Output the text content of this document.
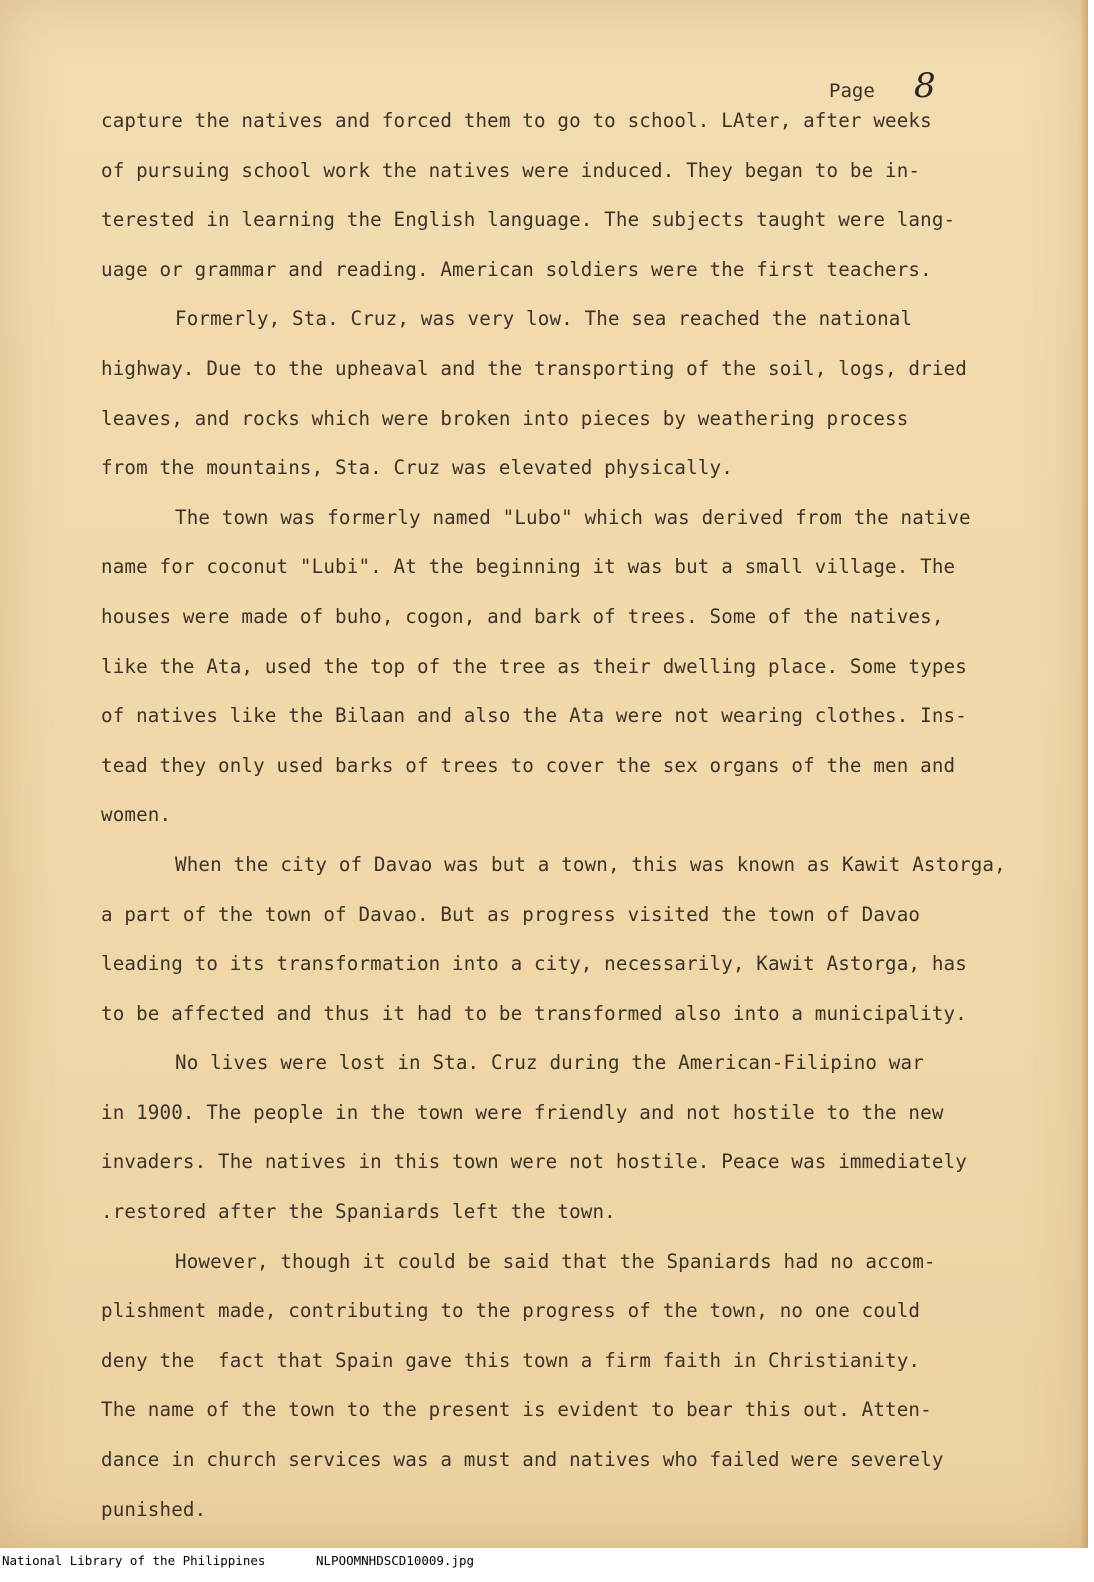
Page 8
capture the natives and forced them to go to school. LAter, after weeks
of pursuing school work the natives were induced. They began to be in-
terested in learning the English language. The subjects taught were lang-
uage or grammar and reading. American soldiers were the first teachers.
Formerly, Sta. Cruz, was very low. The sea reached the national
highway. Due to the upheaval and the transporting of the soil, logs, dried
leaves, and rocks which were broken into pieces by weathering process
from the mountains, Sta. Cruz was elevated physically.
The town was formerly named "Lubo" which was derived from the native
name for coconut "Lubi". At the beginning it was but a small village. The
houses were made of buho, cogon, and bark of trees. Some of the natives,
like the Ata, used the top of the tree as their dwelling place. Some types
of natives like the Bilaan and also the Ata were not wearing clothes. Ins-
tead they only used barks of trees to cover the sex organs of the men and
women.
When the city of Davao was but a town, this was known as Kawit Astorga,
a part of the town of Davao. But as progress visited the town of Davao
leading to its transformation into a city, necessarily, Kawit Astorga, has
to be affected and thus it had to be transformed also into a municipality.
No lives were lost in Sta. Cruz during the American-Filipino war
in 1900. The people in the town were friendly and not hostile to the new
invaders. The natives in this town were not hostile. Peace was immediately
.restored after the Spaniards left the town.
However, though it could be said that the Spaniards had no accom-
plishment made, contributing to the progress of the town, no one could
deny the  fact that Spain gave this town a firm faith in Christianity.
The name of the town to the present is evident to bear this out. Atten-
dance in church services was a must and natives who failed were severely
punished.
National Library of the Philippines	NLPOOMNHDSCD10009.jpg
